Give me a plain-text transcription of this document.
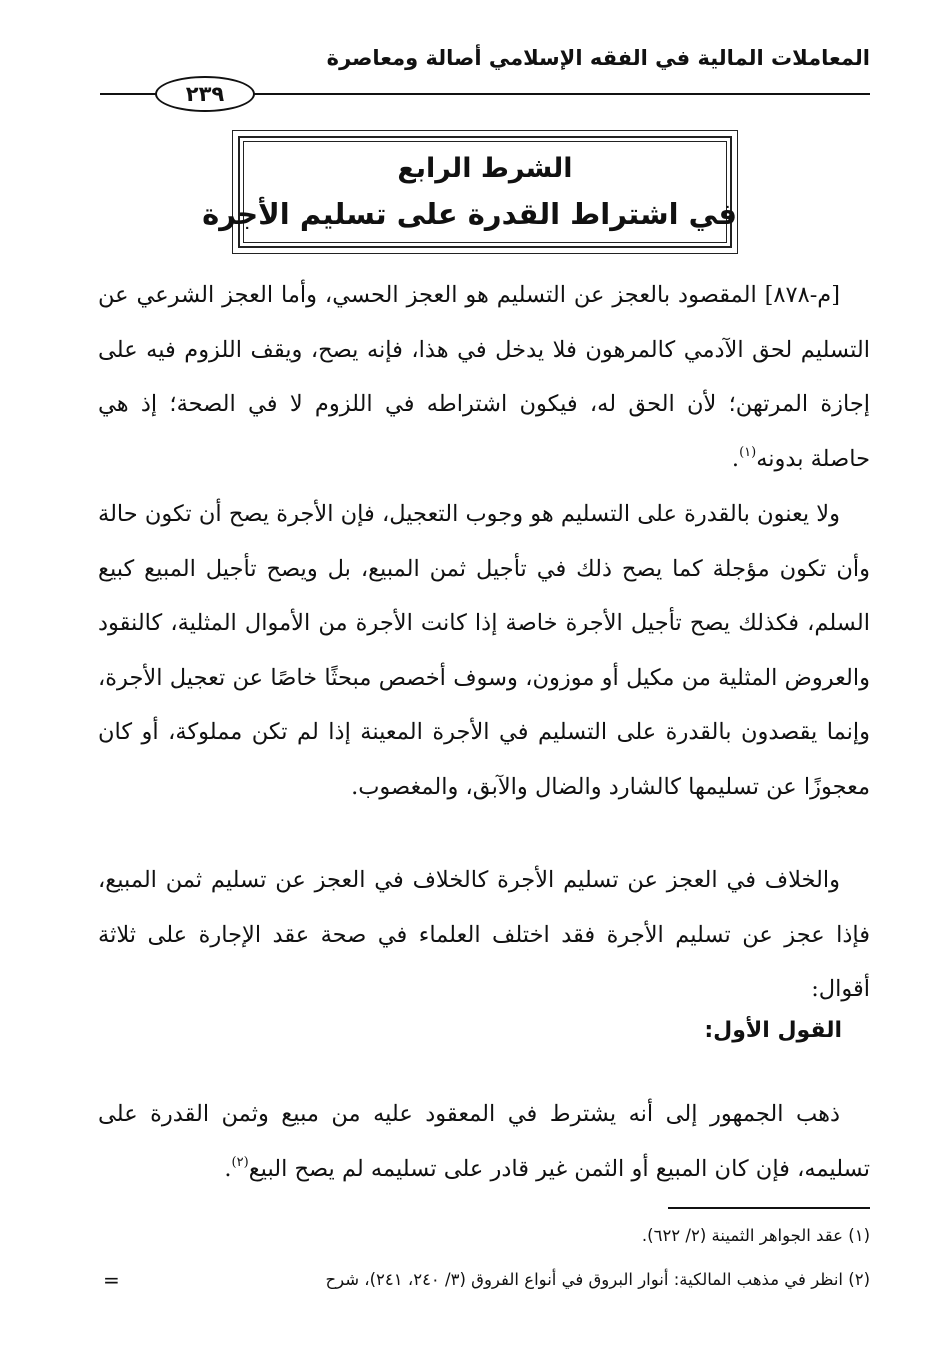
المعاملات المالية في الفقه الإسلامي أصالة ومعاصرة
٢٣٩
الشرط الرابع
في اشتراط القدرة على تسليم الأجرة

[م-٨٧٨] المقصود بالعجز عن التسليم هو العجز الحسي، وأما العجز الشرعي عن التسليم لحق الآدمي كالمرهون فلا يدخل في هذا، فإنه يصح، ويقف اللزوم فيه على إجازة المرتهن؛ لأن الحق له، فيكون اشتراطه في اللزوم لا في الصحة؛ إذ هي حاصلة بدونه$^{(١)}$.

ولا يعنون بالقدرة على التسليم هو وجوب التعجيل، فإن الأجرة يصح أن تكون حالة وأن تكون مؤجلة كما يصح ذلك في تأجيل ثمن المبيع، بل ويصح تأجيل المبيع كبيع السلم، فكذلك يصح تأجيل الأجرة خاصة إذا كانت الأجرة من الأموال المثلية، كالنقود والعروض المثلية من مكيل أو موزون، وسوف أخصص مبحثًا خاصًا عن تعجيل الأجرة، وإنما يقصدون بالقدرة على التسليم في الأجرة المعينة إذا لم تكن مملوكة، أو كان معجوزًا عن تسليمها كالشارد والضال والآبق، والمغصوب.

والخلاف في العجز عن تسليم الأجرة كالخلاف في العجز عن تسليم ثمن المبيع، فإذا عجز عن تسليم الأجرة فقد اختلف العلماء في صحة عقد الإجارة على ثلاثة أقوال:

القول الأول:

ذهب الجمهور إلى أنه يشترط في المعقود عليه من مبيع وثمن القدرة على تسليمه، فإن كان المبيع أو الثمن غير قادر على تسليمه لم يصح البيع$^{(٢)}$.

(١) عقد الجواهر الثمينة (٢/ ٦٢٢).
(٢) انظر في مذهب المالكية: أنوار البروق في أنواع الفروق (٣/ ٢٤٠، ٢٤١)، شرح
=
